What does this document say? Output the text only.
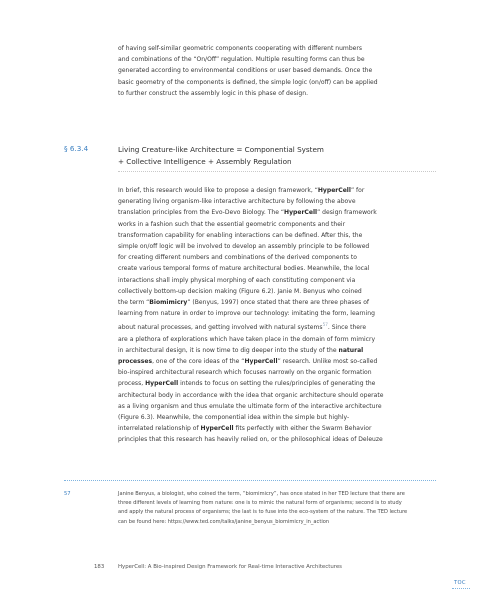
of having self-similar geometric components cooperating with different numbers
and combinations of the “On/Off” regulation. Multiple resulting forms can thus be
generated according to environmental conditions or user based demands. Once the
basic geometry of the components is defined, the simple logic (on/off) can be applied
to further construct the assembly logic in this phase of design.
§ 6.3.4	Living Creature-like Architecture = Componential System
+ Collective Intelligence + Assembly Regulation
In brief, this research would like to propose a design framework, “HyperCell” for
generating living organism-like interactive architecture by following the above
translation principles from the Evo-Devo Biology. The “HyperCell” design framework
works in a fashion such that the essential geometric components and their
transformation capability for enabling interactions can be defined. After this, the
simple on/off logic will be involved to develop an assembly principle to be followed
for creating different numbers and combinations of the derived components to
create various temporal forms of mature architectural bodies. Meanwhile, the local
interactions shall imply physical morphing of each constituting component via
collectively bottom-up decision making (Figure 6.2). Janie M. Benyus who coined
the term “Biomimicry” (Benyus, 1997) once stated that there are three phases of
learning from nature in order to improve our technology: imitating the form, learning
about natural processes, and getting involved with natural systems$^{57}$. Since there
are a plethora of explorations which have taken place in the domain of form mimicry
in architectural design, it is now time to dig deeper into the study of the natural
processes, one of the core ideas of the “HyperCell” research. Unlike most so-called
bio-inspired architectural research which focuses narrowly on the organic formation
process, HyperCell intends to focus on setting the rules/principles of generating the
architectural body in accordance with the idea that organic architecture should operate
as a living organism and thus emulate the ultimate form of the interactive architecture
(Figure 6.3). Meanwhile, the componential idea within the simple but highly-
interrelated relationship of HyperCell fits perfectly with either the Swarm Behavior
principles that this research has heavily relied on, or the philosophical ideas of Deleuze
57	Janine Benyus, a biologist, who coined the term, “biomimicry”, has once stated in her TED lecture that there are
three different levels of learning from nature: one is to mimic the natural form of organisms; second is to study
and apply the natural process of organisms; the last is to fuse into the eco-system of the nature. The TED lecture
can be found here: https://www.ted.com/talks/janine_benyus_biomimicry_in_action
183	HyperCell: A Bio-inspired Design Framework for Real-time Interactive Architectures
TOC
